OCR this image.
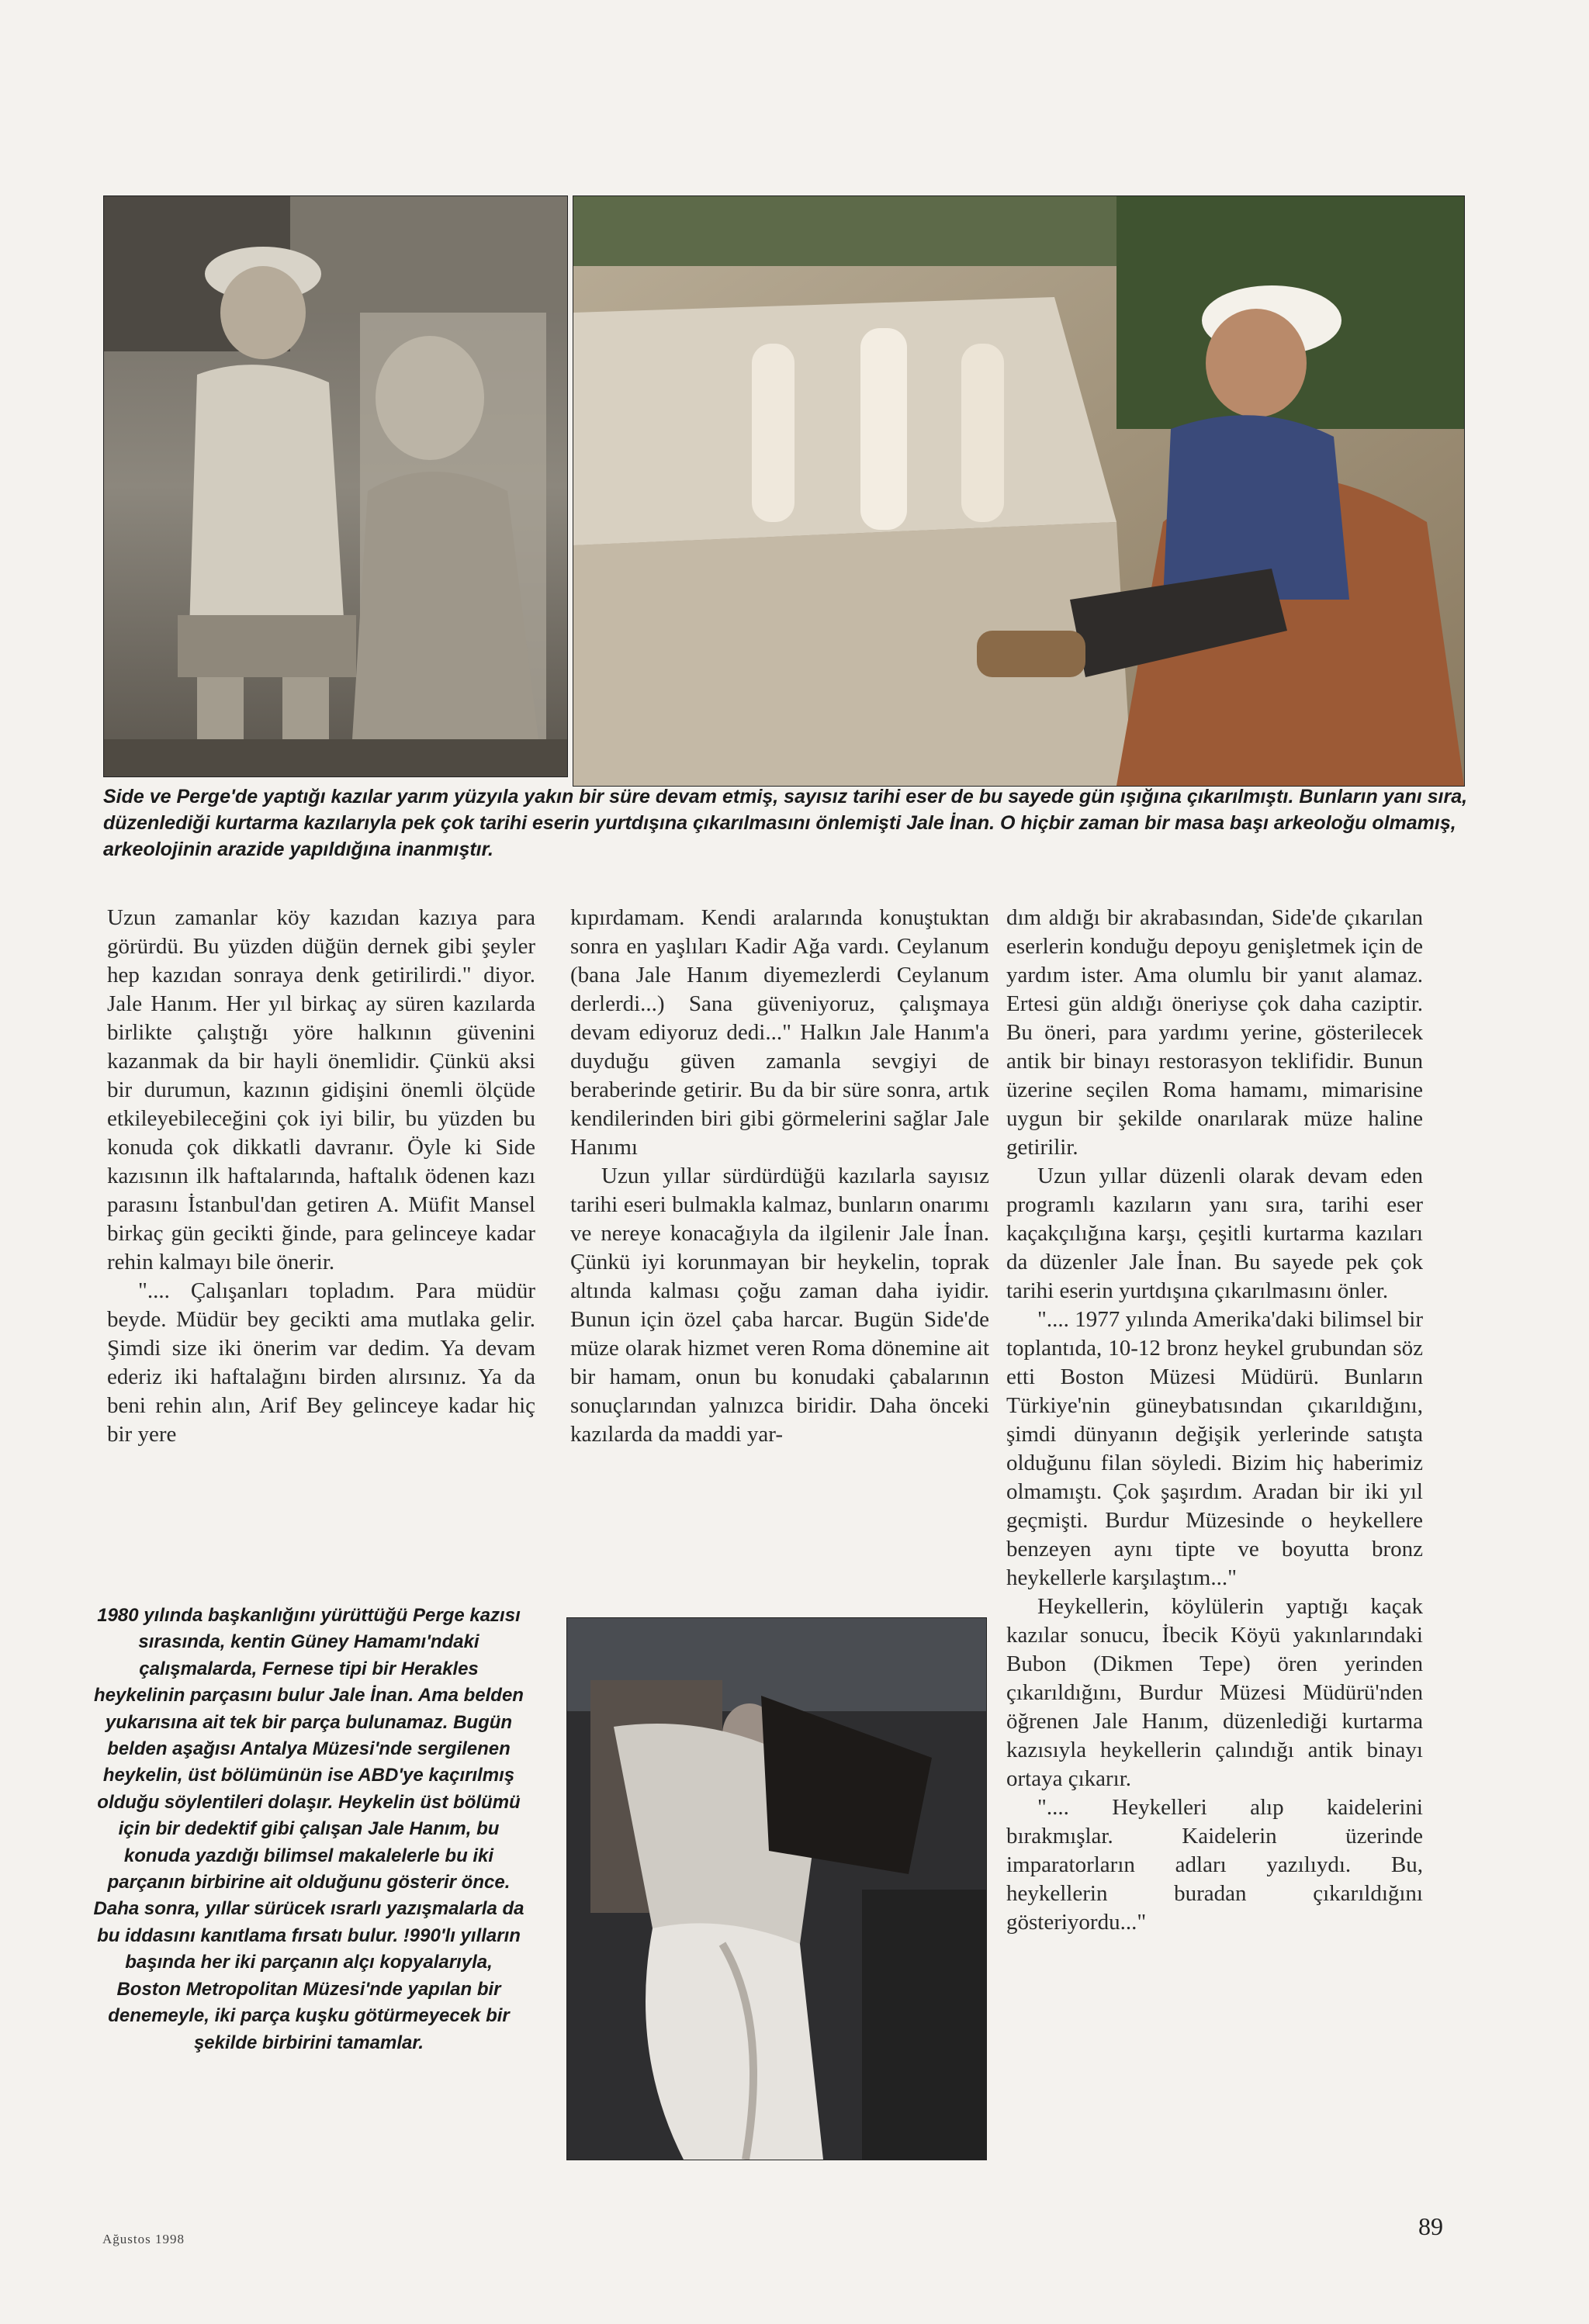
Side ve Perge'de yaptığı kazılar yarım yüzyıla yakın bir süre devam etmiş, sayısız tarihi eser de bu sayede gün ışığına çıkarılmıştı. Bunların yanı sıra, düzenlediği kurtarma kazılarıyla pek çok tarihi eserin yurtdışına çıkarılmasını önlemişti Jale İnan. O hiçbir zaman bir masa başı arkeoloğu olmamış, arkeolojinin arazide yapıldığına inanmıştır.
1980 yılında başkanlığını yürüttüğü Perge kazısı sırasında, kentin Güney Hamamı'ndaki çalışmalarda, Fernese tipi bir Herakles heykelinin parçasını bulur Jale İnan. Ama belden yukarısına ait tek bir parça bulunamaz. Bugün belden aşağısı Antalya Müzesi'nde sergilenen heykelin, üst bölümünün ise ABD'ye kaçırılmış olduğu söylentileri dolaşır. Heykelin üst bölümü için bir dedektif gibi çalışan Jale Hanım, bu konuda yazdığı bilimsel makalelerle bu iki parçanın birbirine ait olduğunu gösterir önce. Daha sonra, yıllar sürücek ısrarlı yazışmalarla da bu iddasını kanıtlama fırsatı bulur. !990'lı yılların başında her iki parçanın alçı kopyalarıyla, Boston Metropolitan Müzesi'nde yapılan bir denemeyle, iki parça kuşku götürmeyecek bir şekilde birbirini tamamlar.

Uzun zamanlar köy kazıdan kazıya para görürdü. Bu yüzden düğün dernek gibi şeyler hep kazıdan sonraya denk getirilirdi." diyor. Jale Hanım. Her yıl birkaç ay süren kazılarda birlikte çalıştığı yöre halkının güvenini kazanmak da bir hayli önemlidir. Çünkü aksi bir durumun, kazının gidişini önemli ölçüde etkileyebileceğini çok iyi bilir, bu yüzden bu konuda çok dikkatli davranır. Öyle ki Side kazısının ilk haftalarında, haftalık ödenen kazı parasını İstanbul'dan getiren A. Müfit Mansel birkaç gün gecikti ğinde, para gelinceye kadar rehin kalmayı bile önerir.

".... Çalışanları topladım. Para müdür beyde. Müdür bey gecikti ama mutlaka gelir. Şimdi size iki önerim var dedim. Ya devam ederiz iki haftalağını birden alırsınız. Ya da beni rehin alın, Arif Bey gelinceye kadar hiç bir yere

kıpırdamam. Kendi aralarında konuştuktan sonra en yaşlıları Kadir Ağa vardı. Ceylanum (bana Jale Hanım diyemezlerdi Ceylanum derlerdi...) Sana güveniyoruz, çalışmaya devam ediyoruz dedi..." Halkın Jale Hanım'a duyduğu güven zamanla sevgiyi de beraberinde getirir. Bu da bir süre sonra, artık kendilerinden biri gibi görmelerini sağlar Jale Hanımı

Uzun yıllar sürdürdüğü kazılarla sayısız tarihi eseri bulmakla kalmaz, bunların onarımı ve nereye konacağıyla da ilgilenir Jale İnan. Çünkü iyi korunmayan bir heykelin, toprak altında kalması çoğu zaman daha iyidir. Bunun için özel çaba harcar. Bugün Side'de müze olarak hizmet veren Roma dönemine ait bir hamam, onun bu konudaki çabalarının sonuçlarından yalnızca biridir. Daha önceki kazılarda da maddi yar-

dım aldığı bir akrabasından, Side'de çıkarılan eserlerin konduğu depoyu genişletmek için de yardım ister. Ama olumlu bir yanıt alamaz. Ertesi gün aldığı öneriyse çok daha caziptir. Bu öneri, para yardımı yerine, gösterilecek antik bir binayı restorasyon teklifidir. Bunun üzerine seçilen Roma hamamı, mimarisine uygun bir şekilde onarılarak müze haline getirilir.

Uzun yıllar düzenli olarak devam eden programlı kazıların yanı sıra, tarihi eser kaçakçılığına karşı, çeşitli kurtarma kazıları da düzenler Jale İnan. Bu sayede pek çok tarihi eserin yurtdışına çıkarılmasını önler.

".... 1977 yılında Amerika'daki bilimsel bir toplantıda, 10-12 bronz heykel grubundan söz etti Boston Müzesi Müdürü. Bunların Türkiye'nin güneybatısından çıkarıldığını, şimdi dünyanın değişik yerlerinde satışta olduğunu filan söyledi. Bizim hiç haberimiz olmamıştı. Çok şaşırdım. Aradan bir iki yıl geçmişti. Burdur Müzesinde o heykellere benzeyen aynı tipte ve boyutta bronz heykellerle karşılaştım..."

Heykellerin, köylülerin yaptığı kaçak kazılar sonucu, İbecik Köyü yakınlarındaki Bubon (Dikmen Tepe) ören yerinden çıkarıldığını, Burdur Müzesi Müdürü'nden öğrenen Jale Hanım, düzenlediği kurtarma kazısıyla heykellerin çalındığı antik binayı ortaya çıkarır.

".... Heykelleri alıp kaidelerini bırakmışlar. Kaidelerin üzerinde imparatorların adları yazılıydı. Bu, heykellerin buradan çıkarıldığını gösteriyordu..."

Ağustos 1998	89
